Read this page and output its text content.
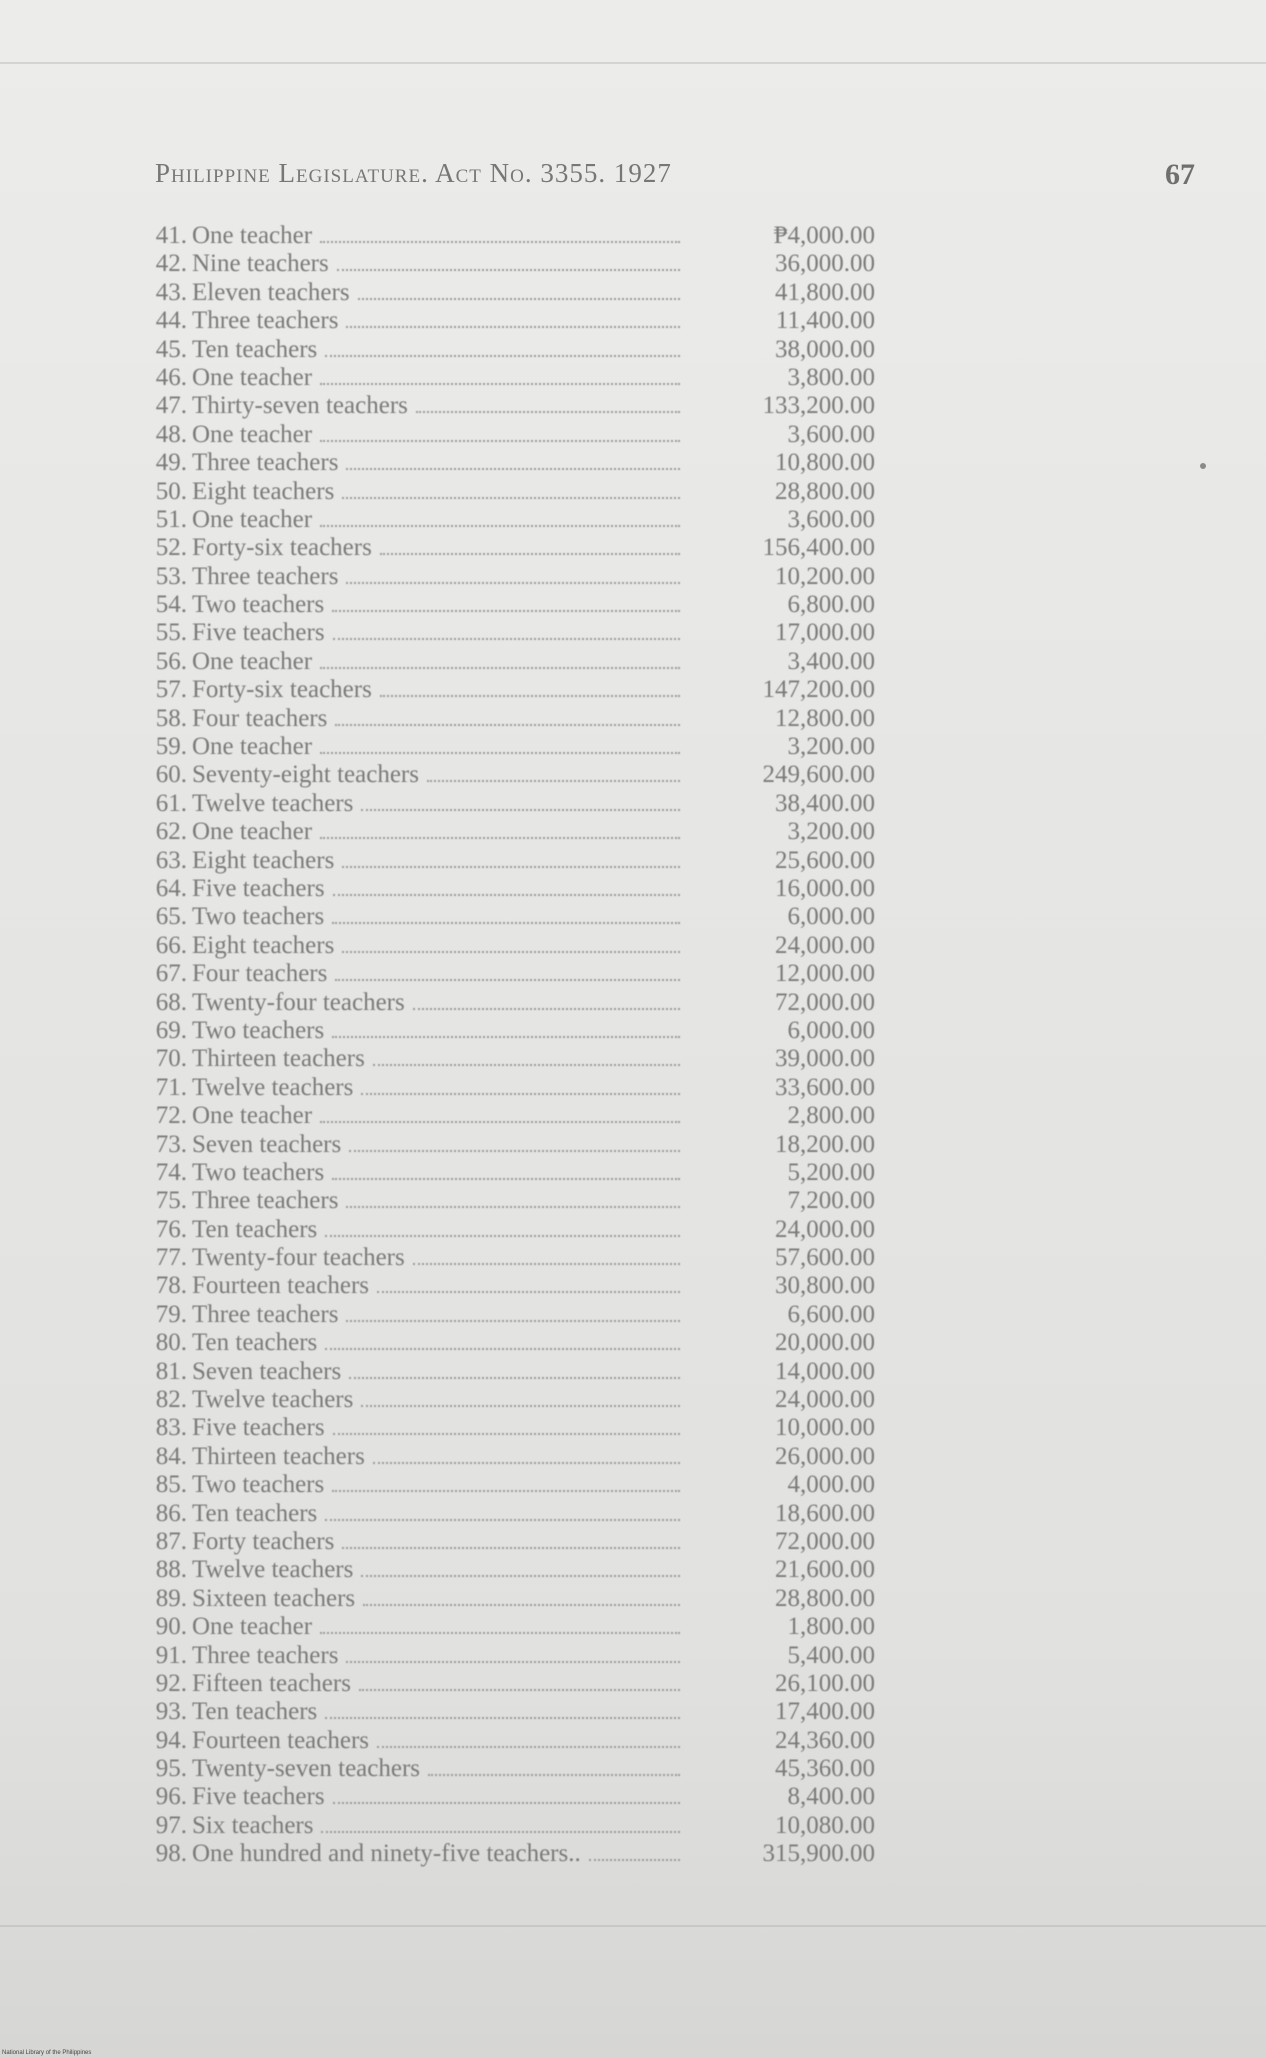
Philippine Legislature. Act No. 3355. 1927	67
41. One teacher	₱4,000.00
42. Nine teachers	36,000.00
43. Eleven teachers	41,800.00
44. Three teachers	11,400.00
45. Ten teachers	38,000.00
46. One teacher	3,800.00
47. Thirty-seven teachers	133,200.00
48. One teacher	3,600.00
49. Three teachers	10,800.00
50. Eight teachers	28,800.00
51. One teacher	3,600.00
52. Forty-six teachers	156,400.00
53. Three teachers	10,200.00
54. Two teachers	6,800.00
55. Five teachers	17,000.00
56. One teacher	3,400.00
57. Forty-six teachers	147,200.00
58. Four teachers	12,800.00
59. One teacher	3,200.00
60. Seventy-eight teachers	249,600.00
61. Twelve teachers	38,400.00
62. One teacher	3,200.00
63. Eight teachers	25,600.00
64. Five teachers	16,000.00
65. Two teachers	6,000.00
66. Eight teachers	24,000.00
67. Four teachers	12,000.00
68. Twenty-four teachers	72,000.00
69. Two teachers	6,000.00
70. Thirteen teachers	39,000.00
71. Twelve teachers	33,600.00
72. One teacher	2,800.00
73. Seven teachers	18,200.00
74. Two teachers	5,200.00
75. Three teachers	7,200.00
76. Ten teachers	24,000.00
77. Twenty-four teachers	57,600.00
78. Fourteen teachers	30,800.00
79. Three teachers	6,600.00
80. Ten teachers	20,000.00
81. Seven teachers	14,000.00
82. Twelve teachers	24,000.00
83. Five teachers	10,000.00
84. Thirteen teachers	26,000.00
85. Two teachers	4,000.00
86. Ten teachers	18,600.00
87. Forty teachers	72,000.00
88. Twelve teachers	21,600.00
89. Sixteen teachers	28,800.00
90. One teacher	1,800.00
91. Three teachers	5,400.00
92. Fifteen teachers	26,100.00
93. Ten teachers	17,400.00
94. Fourteen teachers	24,360.00
95. Twenty-seven teachers	45,360.00
96. Five teachers	8,400.00
97. Six teachers	10,080.00
98. One hundred and ninety-five teachers..	315,900.00
National Library of the Philippines
